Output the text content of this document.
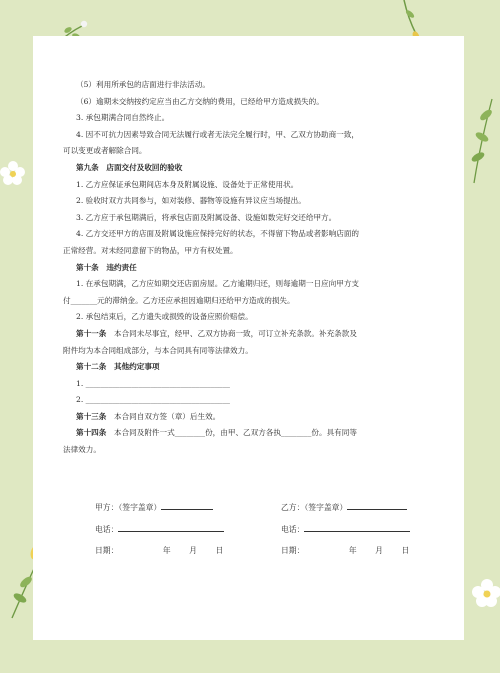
（5）利用所承包的店面进行非法活动。
（6）逾期未交纳按约定应当由乙方交纳的费用，已经给甲方造成损失的。
3. 承包期满合同自然终止。
4. 因不可抗力因素导致合同无法履行或者无法完全履行时，甲、乙双方协助商一致，
可以变更或者解除合同。
第九条　店面交付及收回的验收
1. 乙方应保证承包期间店本身及附属设施、设备处于正常使用状。
2. 验收时双方共同参与，如对装修、器物等设施有异议应当场提出。
3. 乙方应于承包期满后，将承包店面及附属设备、设施如数完好交还给甲方。
4. 乙方交还甲方的店面及附属设施应保持完好的状态，不得留下物品或者影响店面的
正常经营。对未经同意留下的物品，甲方有权处置。
第十条　违约责任
1. 在承包期满，乙方应如期交还店面房屋。乙方逾期归还，则每逾期一日应向甲方支
付_______元的滞纳金。乙方还应承担因逾期归还给甲方造成的损失。
2. 承包结束后，乙方遗失或损毁的设备应照价赔偿。
第十一条　本合同未尽事宜，经甲、乙双方协商一致，可订立补充条款。补充条款及
附件均为本合同组成部分，与本合同具有同等法律效力。
第十二条　其他约定事项
1. ______________________________________
2. ______________________________________
第十三条　本合同自双方签（章）后生效。
第十四条　本合同及附件一式________份，由甲、乙双方各执________份。具有同等
法律效力。
甲方：（签字盖章）	乙方：（签字盖章）
电话：	电话：
日期：	年 月 日	日期：	年 月 日
